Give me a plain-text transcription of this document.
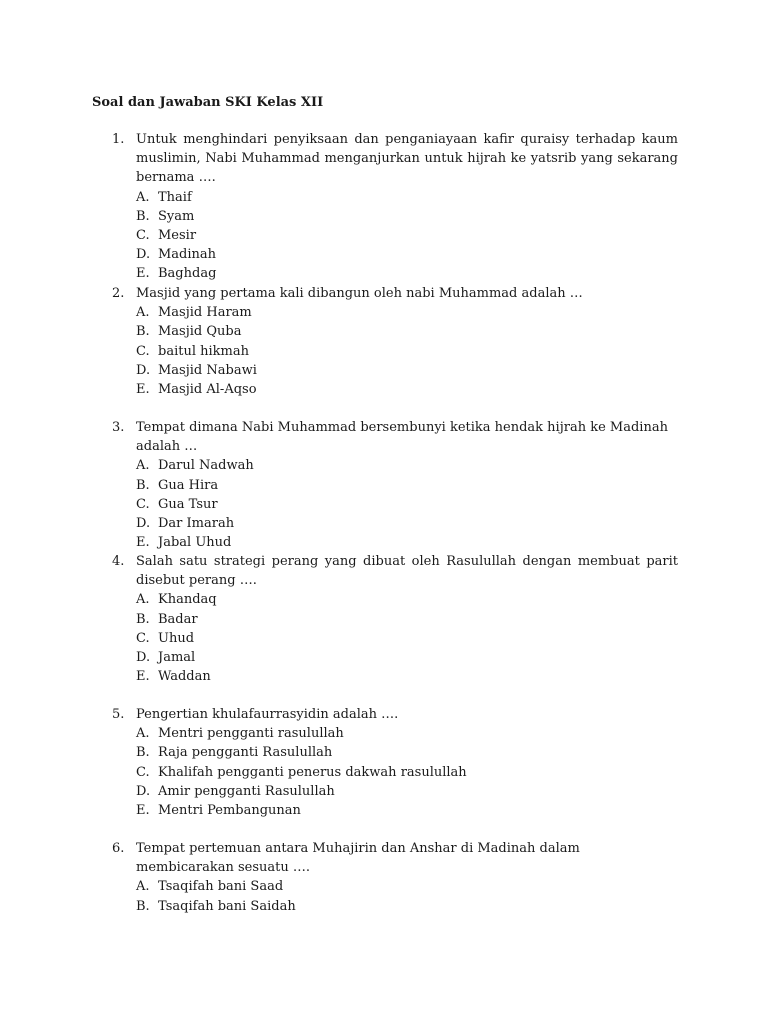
Soal dan Jawaban SKI Kelas XII
1. Untuk menghindari penyiksaan dan penganiayaan kafir quraisy terhadap kaum muslimin, Nabi Muhammad menganjurkan untuk hijrah ke yatsrib yang sekarang bernama ….
A. Thaif
B. Syam
C. Mesir
D. Madinah
E. Baghdag
2. Masjid yang pertama kali dibangun oleh nabi Muhammad adalah …
A. Masjid Haram
B. Masjid Quba
C. baitul hikmah
D. Masjid Nabawi
E. Masjid Al-Aqso
3. Tempat dimana Nabi Muhammad bersembunyi ketika hendak hijrah ke Madinah adalah …
A. Darul Nadwah
B. Gua Hira
C. Gua Tsur
D. Dar Imarah
E. Jabal Uhud
4. Salah satu strategi perang yang dibuat oleh Rasulullah dengan membuat parit disebut perang ….
A. Khandaq
B. Badar
C. Uhud
D. Jamal
E. Waddan
5. Pengertian khulafaurrasyidin adalah ….
A. Mentri pengganti rasulullah
B. Raja pengganti Rasulullah
C. Khalifah pengganti penerus dakwah rasulullah
D. Amir pengganti Rasulullah
E. Mentri Pembangunan
6. Tempat pertemuan antara Muhajirin dan Anshar di Madinah dalam membicarakan sesuatu ….
A. Tsaqifah bani Saad
B. Tsaqifah bani Saidah
